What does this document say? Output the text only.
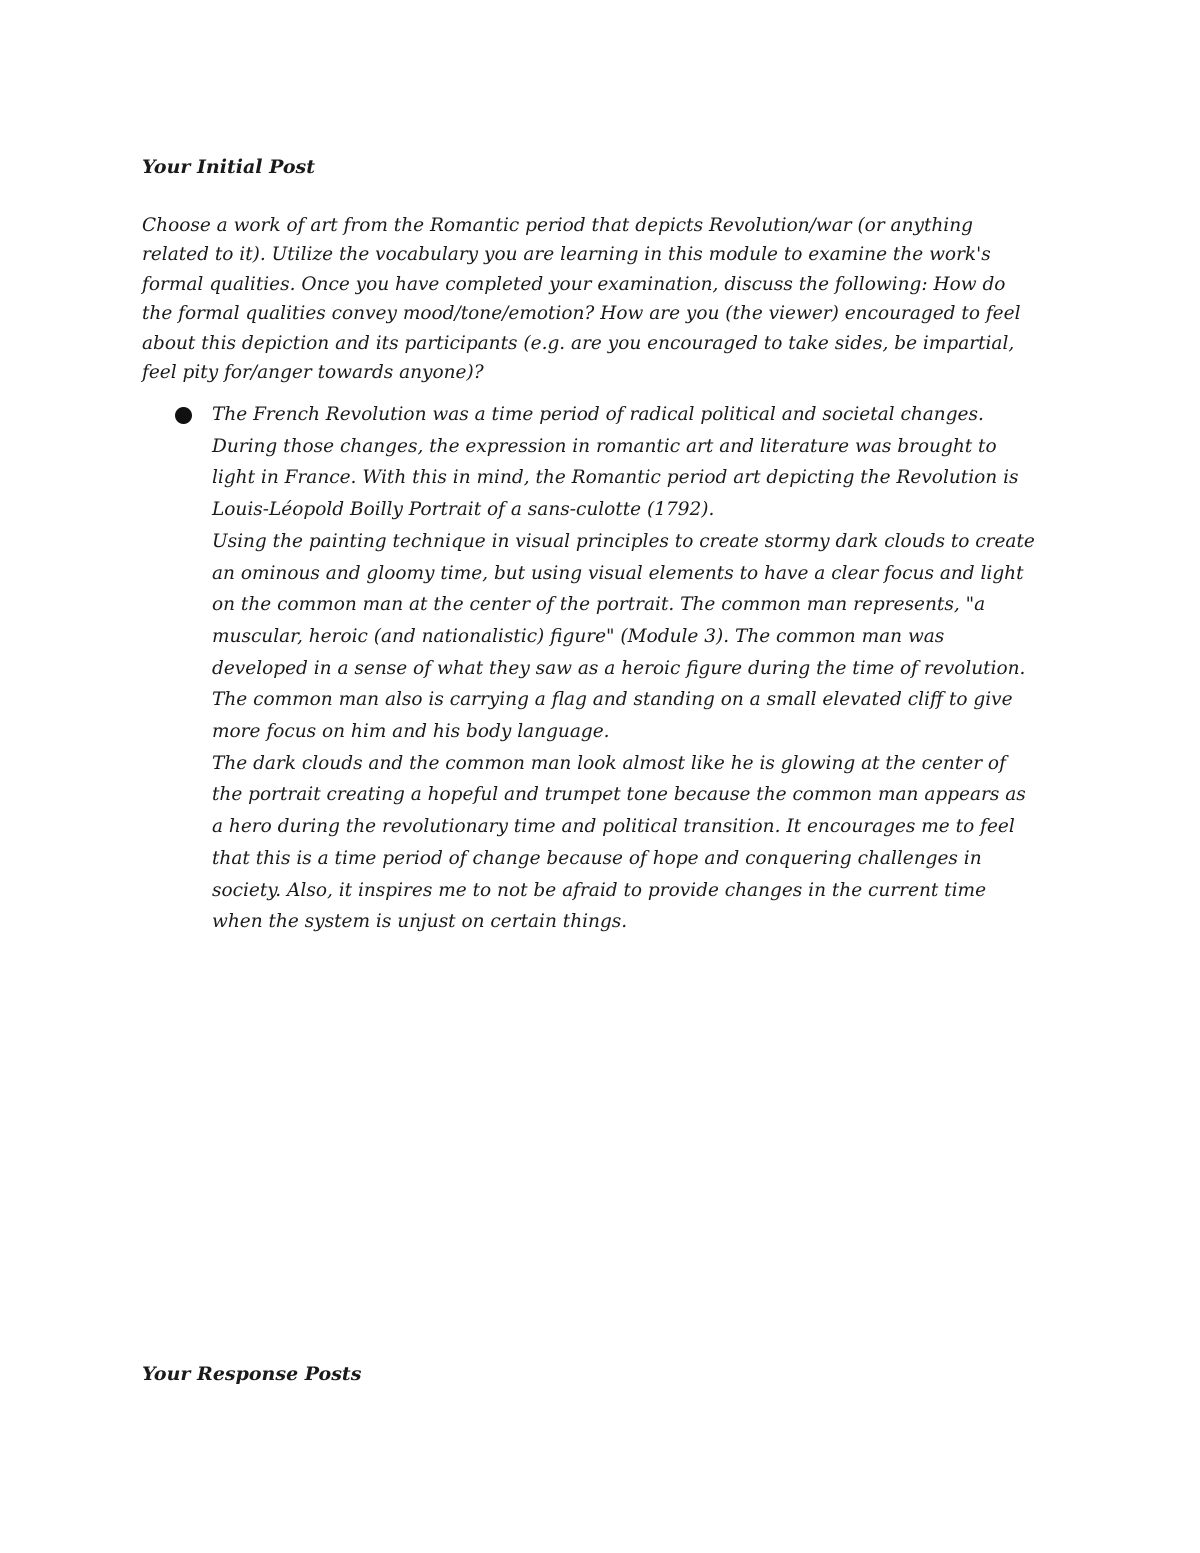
Your Initial Post

Choose a work of art from the Romantic period that depicts Revolution/war (or anything
related to it). Utilize the vocabulary you are learning in this module to examine the work's
formal qualities. Once you have completed your examination, discuss the following: How do
the formal qualities convey mood/tone/emotion? How are you (the viewer) encouraged to feel
about this depiction and its participants (e.g. are you encouraged to take sides, be impartial,
feel pity for/anger towards anyone)?

The French Revolution was a time period of radical political and societal changes.
During those changes, the expression in romantic art and literature was brought to
light in France. With this in mind, the Romantic period art depicting the Revolution is
Louis-Léopold Boilly Portrait of a sans-culotte (1792).
Using the painting technique in visual principles to create stormy dark clouds to create
an ominous and gloomy time, but using visual elements to have a clear focus and light
on the common man at the center of the portrait. The common man represents, "a
muscular, heroic (and nationalistic) figure" (Module 3). The common man was
developed in a sense of what they saw as a heroic figure during the time of revolution.
The common man also is carrying a flag and standing on a small elevated cliff to give
more focus on him and his body language.
The dark clouds and the common man look almost like he is glowing at the center of
the portrait creating a hopeful and trumpet tone because the common man appears as
a hero during the revolutionary time and political transition. It encourages me to feel
that this is a time period of change because of hope and conquering challenges in
society. Also, it inspires me to not be afraid to provide changes in the current time
when the system is unjust on certain things.

Your Response Posts
